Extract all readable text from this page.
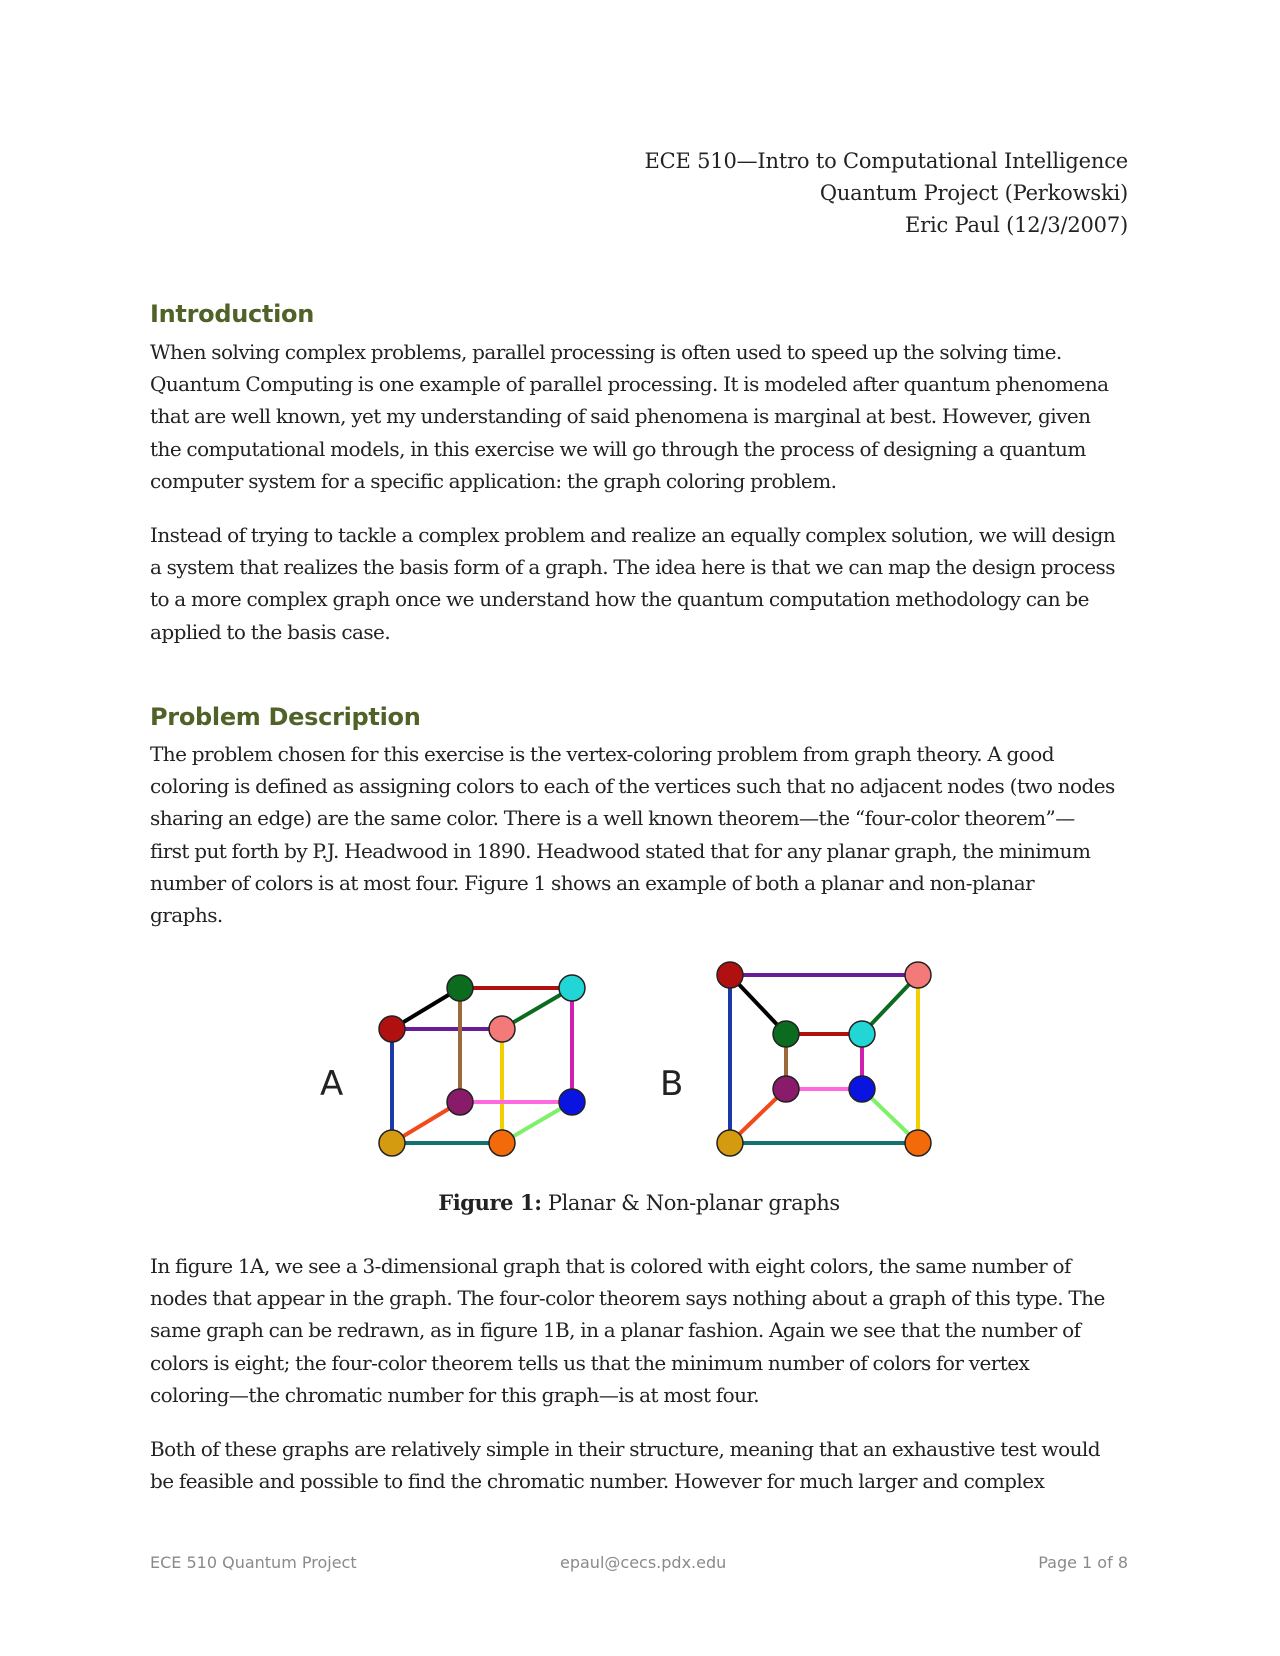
ECE 510—Intro to Computational Intelligence
Quantum Project (Perkowski)
Eric Paul (12/3/2007)
Introduction

When solving complex problems, parallel processing is often used to speed up the solving time.
Quantum Computing is one example of parallel processing. It is modeled after quantum phenomena
that are well known, yet my understanding of said phenomena is marginal at best. However, given
the computational models, in this exercise we will go through the process of designing a quantum
computer system for a specific application: the graph coloring problem.

Instead of trying to tackle a complex problem and realize an equally complex solution, we will design
a system that realizes the basis form of a graph. The idea here is that we can map the design process
to a more complex graph once we understand how the quantum computation methodology can be
applied to the basis case.

Problem Description

The problem chosen for this exercise is the vertex-coloring problem from graph theory. A good
coloring is defined as assigning colors to each of the vertices such that no adjacent nodes (two nodes
sharing an edge) are the same color. There is a well known theorem—the “four-color theorem”—
first put forth by P.J. Headwood in 1890. Headwood stated that for any planar graph, the minimum
number of colors is at most four. Figure 1 shows an example of both a planar and non-planar
graphs.

A	B
Figure 1: Planar & Non-planar graphs

In figure 1A, we see a 3-dimensional graph that is colored with eight colors, the same number of
nodes that appear in the graph. The four-color theorem says nothing about a graph of this type. The
same graph can be redrawn, as in figure 1B, in a planar fashion. Again we see that the number of
colors is eight; the four-color theorem tells us that the minimum number of colors for vertex
coloring—the chromatic number for this graph—is at most four.

Both of these graphs are relatively simple in their structure, meaning that an exhaustive test would
be feasible and possible to find the chromatic number. However for much larger and complex

ECE 510 Quantum Project	epaul@cecs.pdx.edu	Page 1 of 8
